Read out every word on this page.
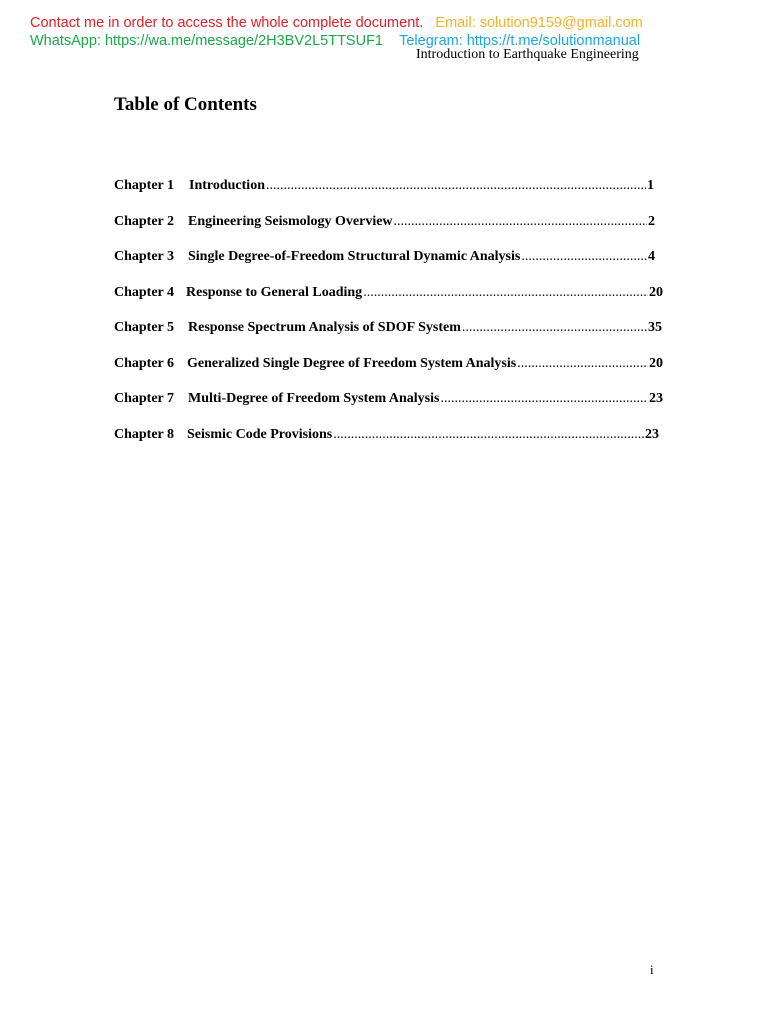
Contact me in order to access the whole complete document. Email: solution9159@gmail.com
WhatsApp: https://wa.me/message/2H3BV2L5TTSUF1 Telegram: https://t.me/solutionmanual
Introduction to Earthquake Engineering
Table of Contents
Chapter 1	Introduction .....	1
Chapter 2 Engineering Seismology Overview .....	2
Chapter 3 Single Degree-of-Freedom Structural Dynamic Analysis .....	4
Chapter 4 Response to General Loading .....	20
Chapter 5 Response Spectrum Analysis of SDOF System .....	35
Chapter 6 Generalized Single Degree of Freedom System Analysis .....	20
Chapter 7 Multi-Degree of Freedom System Analysis .....	23
Chapter 8 Seismic Code Provisions .....	23
i
